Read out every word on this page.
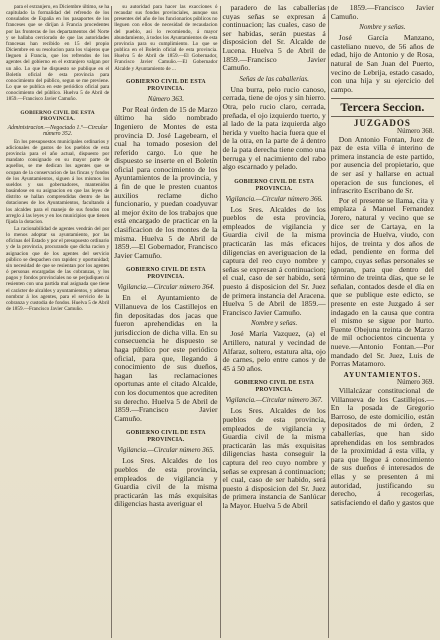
para el extranjero, en Diciembre último, se ha capitulado la formalidad del refrendo de los consulados de España en los pasaportes de los franceses que se dirijan á Francia procedentes por las fronteras de los departamentos del Norte y se hallaba cerciorado de que las autoridades francesas han recibido en 15 del propio Diciembre en su resolucion para los viajeros que lleguen á Francia, que los refrendos de los agentes del gobierno en el extranjero valgan por un año. Lo que he dispuesto se publique en el Boletín oficial de esta provincia para conocimiento del público, segun se me previene. Lo que se publica en este periódico oficial para conocimiento del público. Huelva 5 de Abril de 1859.—Francisco Javier Camuño.

GOBIERNO CIVIL DE ESTA PROVINCIA.
Administracion.—Negociado 1.º—Circular número 352.

En los presupuestos municipales ordinarios y adicionales de gastos de los pueblos de esta provincia para el año actual, dispuesto por mandato consignado en su mayor parte de aquellos, se me dedican los agentes que se ocupan de la conservacion de las fincas y fondos de los Ayuntamientos, siguen á los mismos los sueldos y sus gobernadores, mantenidos basándose en su asignacion en que las leyes de distrito se hallan comprendidas dentro de las dotaciones de los Ayuntamientos, facultando á los alcaldes para el manejo de sus fondos con arreglo á las leyes y en los municipios que tienen fijada la dotacion.

La racionabilidad de agentes vendrán del por lo menos adoptar su ayuntamiento, por las oficinas del Estado y por el presupuesto ordinario y de la provincia, procurando que dicha racion y asignacion que de los agentes del servicio público se despachen con rapidez y oportunidad; sin necesidad de que se resientan por los agentes ó personas encargadas de las cobranzas, y los pagos y fondos provinciales no se perjudiquen ni resienten con una partida mal asignada que tiene el carácter de alcaldes y ayuntamientos, y ademas nombrar á los agentes, para el servicio de la cobranza y custodia de fondos. Huelva 5 de Abril de 1859.—Francisco Javier Camuño.

su autoridad para hacer las exacciones ó recaudar sus fondos provinciales, aunque sus presentes del año de los funcionarios públicos no lleguen con ellos de necesidad de recaudacion del pueblo, así lo recomiendo, á mayor abundamiento, á todos los Ayuntamientos de esta provincia para su cumplimiento. Lo que se publica en el Boletín oficial de esta provincia. Huelva 5 de Abril de 1859.—El Gobernador, Francisco Javier Camuño.—El Gobernador Alcalde y Ayuntamiento de ...

GOBIERNO CIVIL DE ESTA PROVINCIA.
Número 363.

Por Real órden de 15 de Marzo último ha sido nombrado Ingeniero de Montes de esta provincia D. José Lagebearn, el cual ha tomado posesion del referido cargo. Lo que he dispuesto se inserte en el Boletín oficial para conocimiento de los Ayuntamientos de la provincia, y á fin de que le presten cuantos auxilios reclame dicho funcionario, y puedan coadyuvar al mejor éxito de los trabajos que está encargado de practicar en la clasificacion de los montes de la misma. Huelva 5 de Abril de 1859.—El Gobernador, Francisco Javier Camuño.

GOBIERNO CIVIL DE ESTA PROVINCIA.
Vigilancia.—Circular número 364.

En el Ayuntamiento de Villanueva de los Castillejos en fin depositadas dos jacas que fueron aprehendidas en la jurisdiccion de dicha villa. En su consecuencia he dispuesto se haga público por este periódico oficial, para que, llegando á conocimiento de sus dueños, hagan las reclamaciones oportunas ante el citado Alcalde, con los documentos que acrediten su derecho. Huelva 5 de Abril de 1859.—Francisco Javier Camuño.

GOBIERNO CIVIL DE ESTA PROVINCIA.
Vigilancia.—Circular número 365.

Los Sres. Alcaldes de los pueblos de esta provincia, empleados de vigilancia y Guardia civil de la misma practicarán las más exquisitas diligencias hasta averiguar el

paradero de las caballerías cuyas señas se expresan á continuacion; las cuales, caso de ser habidas, serán puestas á disposicion del Sr. Alcalde de Lucena. Huelva 5 de Abril de 1859.—Francisco Javier Camuño.

Señas de las caballerías.

Una burra, pelo rucio canoso, cerrada, tiene de ojos y sin hierro. Otra, pelo rucio claro, cerrada, preñada, el ojo izquierdo tuerto, y al lado de la pata izquierda algo herida y vuelto hacia fuera que el de la otra, en la parte de á dentro de la pata derecha tiene como una berruga y el nacimiento del rabo algo escarnado y pelado.

GOBIERNO CIVIL DE ESTA PROVINCIA.
Vigilancia.—Circular número 366.

Los Sres. Alcaldes de los pueblos de esta provincia, empleados de vigilancia y Guardia civil de la misma practicarán las más eficaces diligencias en averiguacion de la captura del reo cuyo nombre y señas se expresan á continuacion; el cual, caso de ser habido, será puesto á disposicion del Sr. Juez de primera instancia del Aracena. Huelva 5 de Abril de 1859.—Francisco Javier Camuño.

Nombre y señas.

José María Vazquez, (a) el Artillero, natural y vecindad de Alfaraz, soltero, estatura alta, ojo de carnes, pelo entre canos y de 45 á 50 años.

GOBIERNO CIVIL DE ESTA PROVINCIA.
Vigilancia.—Circular número 367.

Los Sres. Alcaldes de los pueblos de esta provincia, empleados de vigilancia y Guardia civil de la misma practicarán las más exquisitas diligencias hasta conseguir la captura del reo cuyo nombre y señas se expresan á continuacion; el cual, caso de ser habido, será puesto á disposicion del Sr. Juez de primera instancia de Sanlúcar la Mayor. Huelva 5 de Abril

de 1859.—Francisco Javier Camuño.

Nombre y señas.

José García Manzano, casteliano nuevo, de 56 años de edad, hijo de Antonio y de Rosa, natural de San Juan del Puerto, vecino de Lebrija, estado casado, con una hija y su ejercicio del campo.

Tercera Seccion.
JUZGADOS
Número 368.

Don Antonio Fontan, Juez de paz de esta villa é interino de primera instancia de este partido, por ausencia del propietario, que de ser así y hallarse en actual operacion de sus funciones, el infrascrito Escribano de Sr.

Por el presente se llama, cita y emplaza á Manuel Fernandez Jorero, natural y vecino que se dice ser de Cartaya, en la provincia de Huelva, viudo, con hijos, de treinta y dos años de edad, pendiente en forma del campo, cuyas señas personales se ignoran, para que dentro del término de treinta días, que se le señalan, contados desde el día en que se publique este edicto, se presente en este Juzgado á ser indagado en la causa que contra el mismo se sigue por hurto. Fuente Obejuna treinta de Marzo de mil ochocientos cincuenta y nueve.—Antonio Fontan.—Por mandado del Sr. Juez, Luis de Porras Matamoro.

AYUNTAMIENTOS.
Número 369.

Villalcázar constitucional de Villanueva de los Castillejos.—En la posada de Gregorio Barroso, de este domicilio, están depositados de mi órden, 2 caballerías, que han sido aprehendidas en los sembrados de la proximidad á esta villa, y para que llegue á conocimiento de sus dueños é interesados de ellas y se presenten á mi autoridad, justificando su derecho, á recogerlas, satisfaciendo el daño y gastos que
